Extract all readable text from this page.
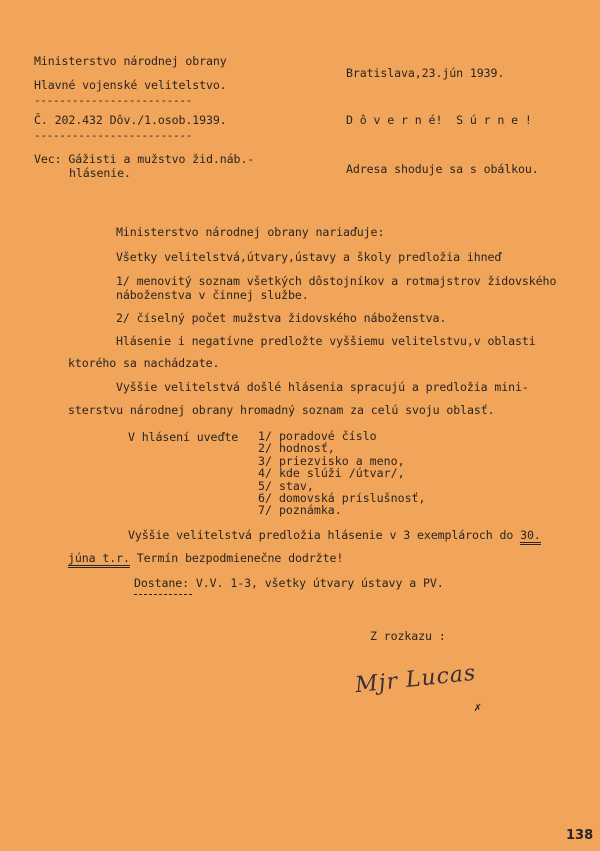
Ministerstvo národnej obrany
Hlavné vojenské velitelstvo.
-------------------------
Č. 202.432 Dôv./1.osob.1939.
-------------------------
Bratislava,23.jún 1939.
D ô v e r n é!  S ú r n e !
Vec: Gážisti a mužstvo žid.náb.-
hlásenie.	Adresa shoduje sa s obálkou.
Ministerstvo národnej obrany nariaďuje:
Všetky velitelstvá,útvary,ústavy a školy predložia ihneď
1/ menovitý soznam všetkých dôstojníkov a rotmajstrov židovského
náboženstva v činnej službe.
2/ číselný počet mužstva židovského náboženstva.
Hlásenie i negatívne predložte vyššiemu velitelstvu,v oblasti
ktorého sa nachádzate.
Vyššie velitelstvá došlé hlásenia spracujú a predložia mini-
sterstvu národnej obrany hromadný soznam za celú svoju oblasť.
V hlásení uveďte 1/ poradové číslo
2/ hodnosť,
3/ priezvisko a meno,
4/ kde slúži /útvar/,
5/ stav,
6/ domovská príslušnosť,
7/ poznámka.
Vyššie velitelstvá predložia hlásenie v 3 exemplároch do 30.
júna t.r. Termín bezpodmienečne dodržte!
Dostane: V.V. 1-3, všetky útvary ústavy a PV.
Z rozkazu :
Mjr Lucas
✗
138
